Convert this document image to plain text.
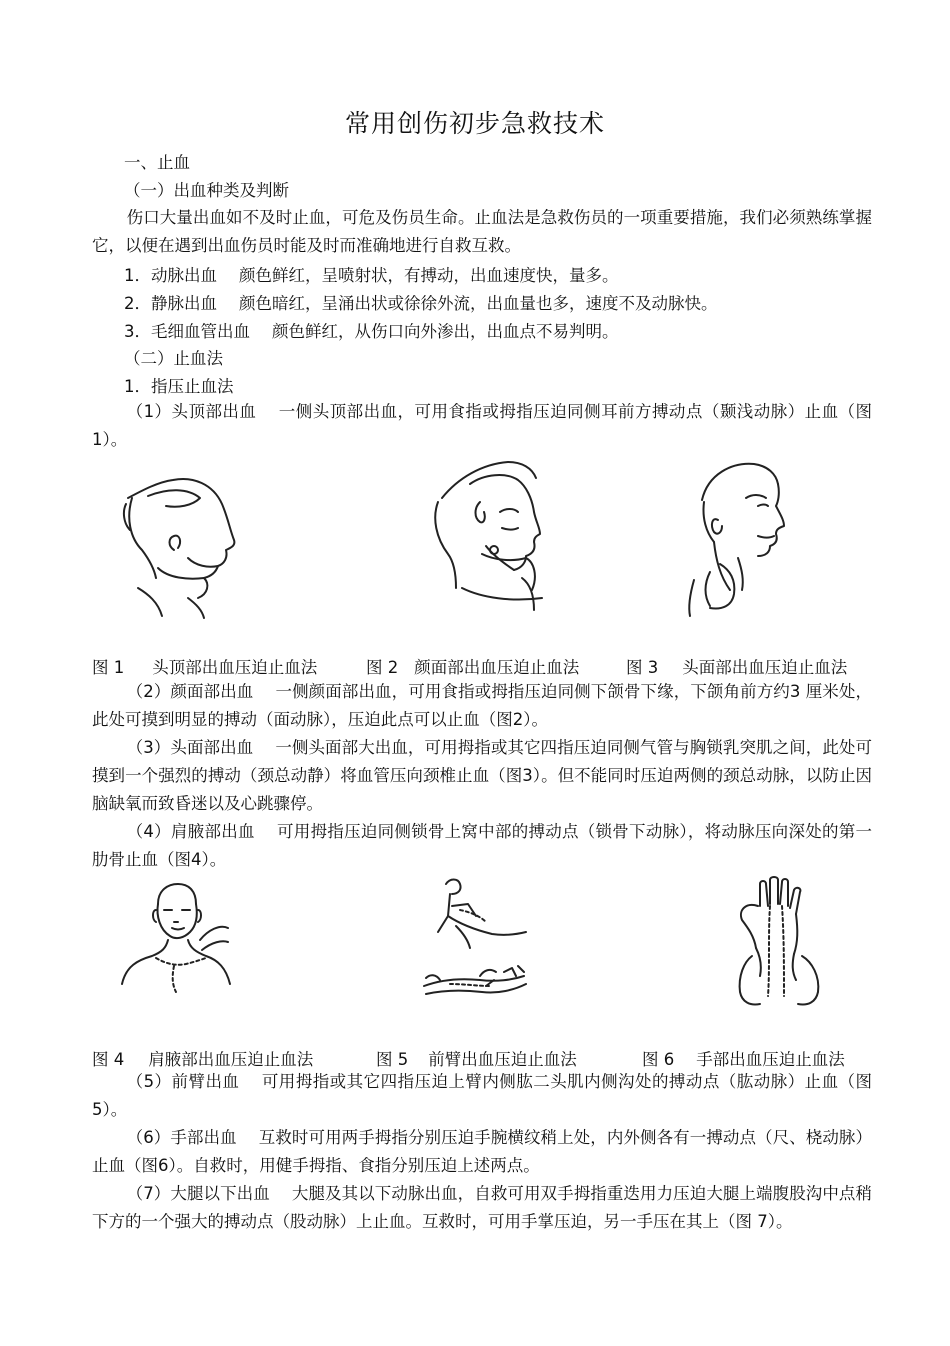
常用创伤初步急救技术
一、止血
（一）出血种类及判断
伤口大量出血如不及时止血，可危及伤员生命。止血法是急救伤员的一项重要措施，我们必须熟练掌握它，以便在遇到出血伤员时能及时而准确地进行自救互救。
1．动脉出血 颜色鲜红，呈喷射状，有搏动，出血速度快，量多。
2．静脉出血 颜色暗红，呈涌出状或徐徐外流，出血量也多，速度不及动脉快。
3．毛细血管出血 颜色鲜红，从伤口向外渗出，出血点不易判明。
（二）止血法
1．指压止血法
（1）头顶部出血 一侧头顶部出血，可用食指或拇指压迫同侧耳前方搏动点（颞浅动脉）止血（图 1）。
图 1 头顶部出血压迫止血法	图 2 颜面部出血压迫止血法	图 3 头面部出血压迫止血法
（2）颜面部出血 一侧颜面部出血，可用食指或拇指压迫同侧下颌骨下缘，下颌角前方约3 厘米处，此处可摸到明显的搏动（面动脉），压迫此点可以止血（图2）。
（3）头面部出血 一侧头面部大出血，可用拇指或其它四指压迫同侧气管与胸锁乳突肌之间，此处可摸到一个强烈的搏动（颈总动静）将血管压向颈椎止血（图3）。但不能同时压迫两侧的颈总动脉，以防止因脑缺氧而致昏迷以及心跳骤停。
（4）肩腋部出血 可用拇指压迫同侧锁骨上窝中部的搏动点（锁骨下动脉），将动脉压向深处的第一肋骨止血（图4）。
图 4 肩腋部出血压迫止血法	图 5 前臂出血压迫止血法	图 6 手部出血压迫止血法
（5）前臂出血 可用拇指或其它四指压迫上臂内侧肱二头肌内侧沟处的搏动点（肱动脉）止血（图 5）。
（6）手部出血 互救时可用两手拇指分别压迫手腕横纹稍上处，内外侧各有一搏动点（尺、桡动脉）止血（图6）。自救时，用健手拇指、食指分别压迫上述两点。
（7）大腿以下出血 大腿及其以下动脉出血，自救可用双手拇指重迭用力压迫大腿上端腹股沟中点稍下方的一个强大的搏动点（股动脉）上止血。互救时，可用手掌压迫，另一手压在其上（图 7）。
